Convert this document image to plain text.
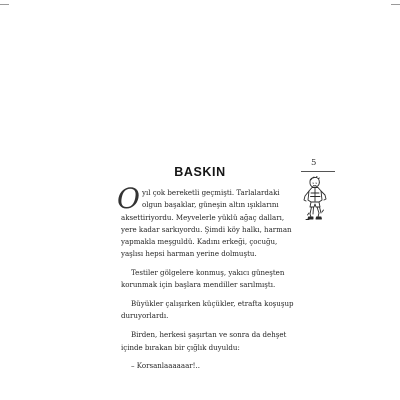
BASKIN
5

Oyıl çok bereketli geçmişti. Tarlalardaki olgun başaklar, güneşin altın ışıklarını aksettiriyordu. Meyvelerle yüklü ağaç dalları, yere kadar sarkıyordu. Şimdi köy halkı, harman yapmakla meşguldü. Kadını erkeği, çocuğu, yaşlısı hepsi harman yerine dolmuştu.

Testiler gölgelere konmuş, yakıcı güneşten korunmak için başlara mendiller sarılmıştı.

Büyükler çalışırken küçükler, etrafta koşuşup duruyorlardı.

Birden, herkesi şaşırtan ve sonra da dehşet içinde bırakan bir çığlık duyuldu:

– Korsanlaaaaaar!..
